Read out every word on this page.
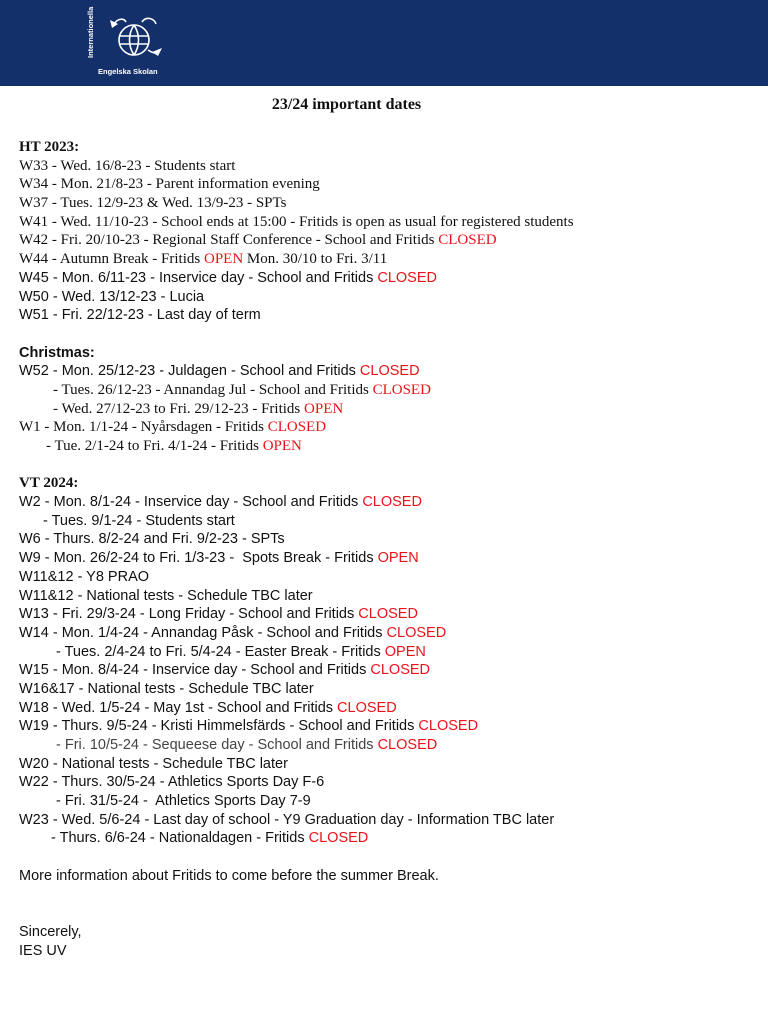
Internationella
Engelska Skolan
23/24 important dates
HT 2023:
W33 - Wed. 16/8-23 - Students start
W34 - Mon. 21/8-23 - Parent information evening
W37 - Tues. 12/9-23 & Wed. 13/9-23 - SPTs
W41 - Wed. 11/10-23 - School ends at 15:00 - Fritids is open as usual for registered students
W42 - Fri. 20/10-23 - Regional Staff Conference - School and Fritids CLOSED
W44 - Autumn Break - Fritids OPEN Mon. 30/10 to Fri. 3/11
W45 - Mon. 6/11-23 - Inservice day - School and Fritids CLOSED
W50 - Wed. 13/12-23 - Lucia
W51 - Fri. 22/12-23 - Last day of term
Christmas:
W52 - Mon. 25/12-23 - Juldagen - School and Fritids CLOSED
- Tues. 26/12-23 - Annandag Jul - School and Fritids CLOSED
- Wed. 27/12-23 to Fri. 29/12-23 - Fritids OPEN
W1 - Mon. 1/1-24 - Nyårsdagen - Fritids CLOSED
- Tue. 2/1-24 to Fri. 4/1-24 - Fritids OPEN
VT 2024:
W2 - Mon. 8/1-24 - Inservice day - School and Fritids CLOSED
- Tues. 9/1-24 - Students start
W6 - Thurs. 8/2-24 and Fri. 9/2-23 - SPTs
W9 - Mon. 26/2-24 to Fri. 1/3-23 -  Spots Break - Fritids OPEN
W11&12 - Y8 PRAO
W11&12 - National tests - Schedule TBC later
W13 - Fri. 29/3-24 - Long Friday - School and Fritids CLOSED
W14 - Mon. 1/4-24 - Annandag Påsk - School and Fritids CLOSED
- Tues. 2/4-24 to Fri. 5/4-24 - Easter Break - Fritids OPEN
W15 - Mon. 8/4-24 - Inservice day - School and Fritids CLOSED
W16&17 - National tests - Schedule TBC later
W18 - Wed. 1/5-24 - May 1st - School and Fritids CLOSED
W19 - Thurs. 9/5-24 - Kristi Himmelsfärds - School and Fritids CLOSED
- Fri. 10/5-24 - Sequeese day - School and Fritids CLOSED
W20 - National tests - Schedule TBC later
W22 - Thurs. 30/5-24 - Athletics Sports Day F-6
- Fri. 31/5-24 -  Athletics Sports Day 7-9
W23 - Wed. 5/6-24 - Last day of school - Y9 Graduation day - Information TBC later
- Thurs. 6/6-24 - Nationaldagen - Fritids CLOSED
More information about Fritids to come before the summer Break.
Sincerely,
IES UV
